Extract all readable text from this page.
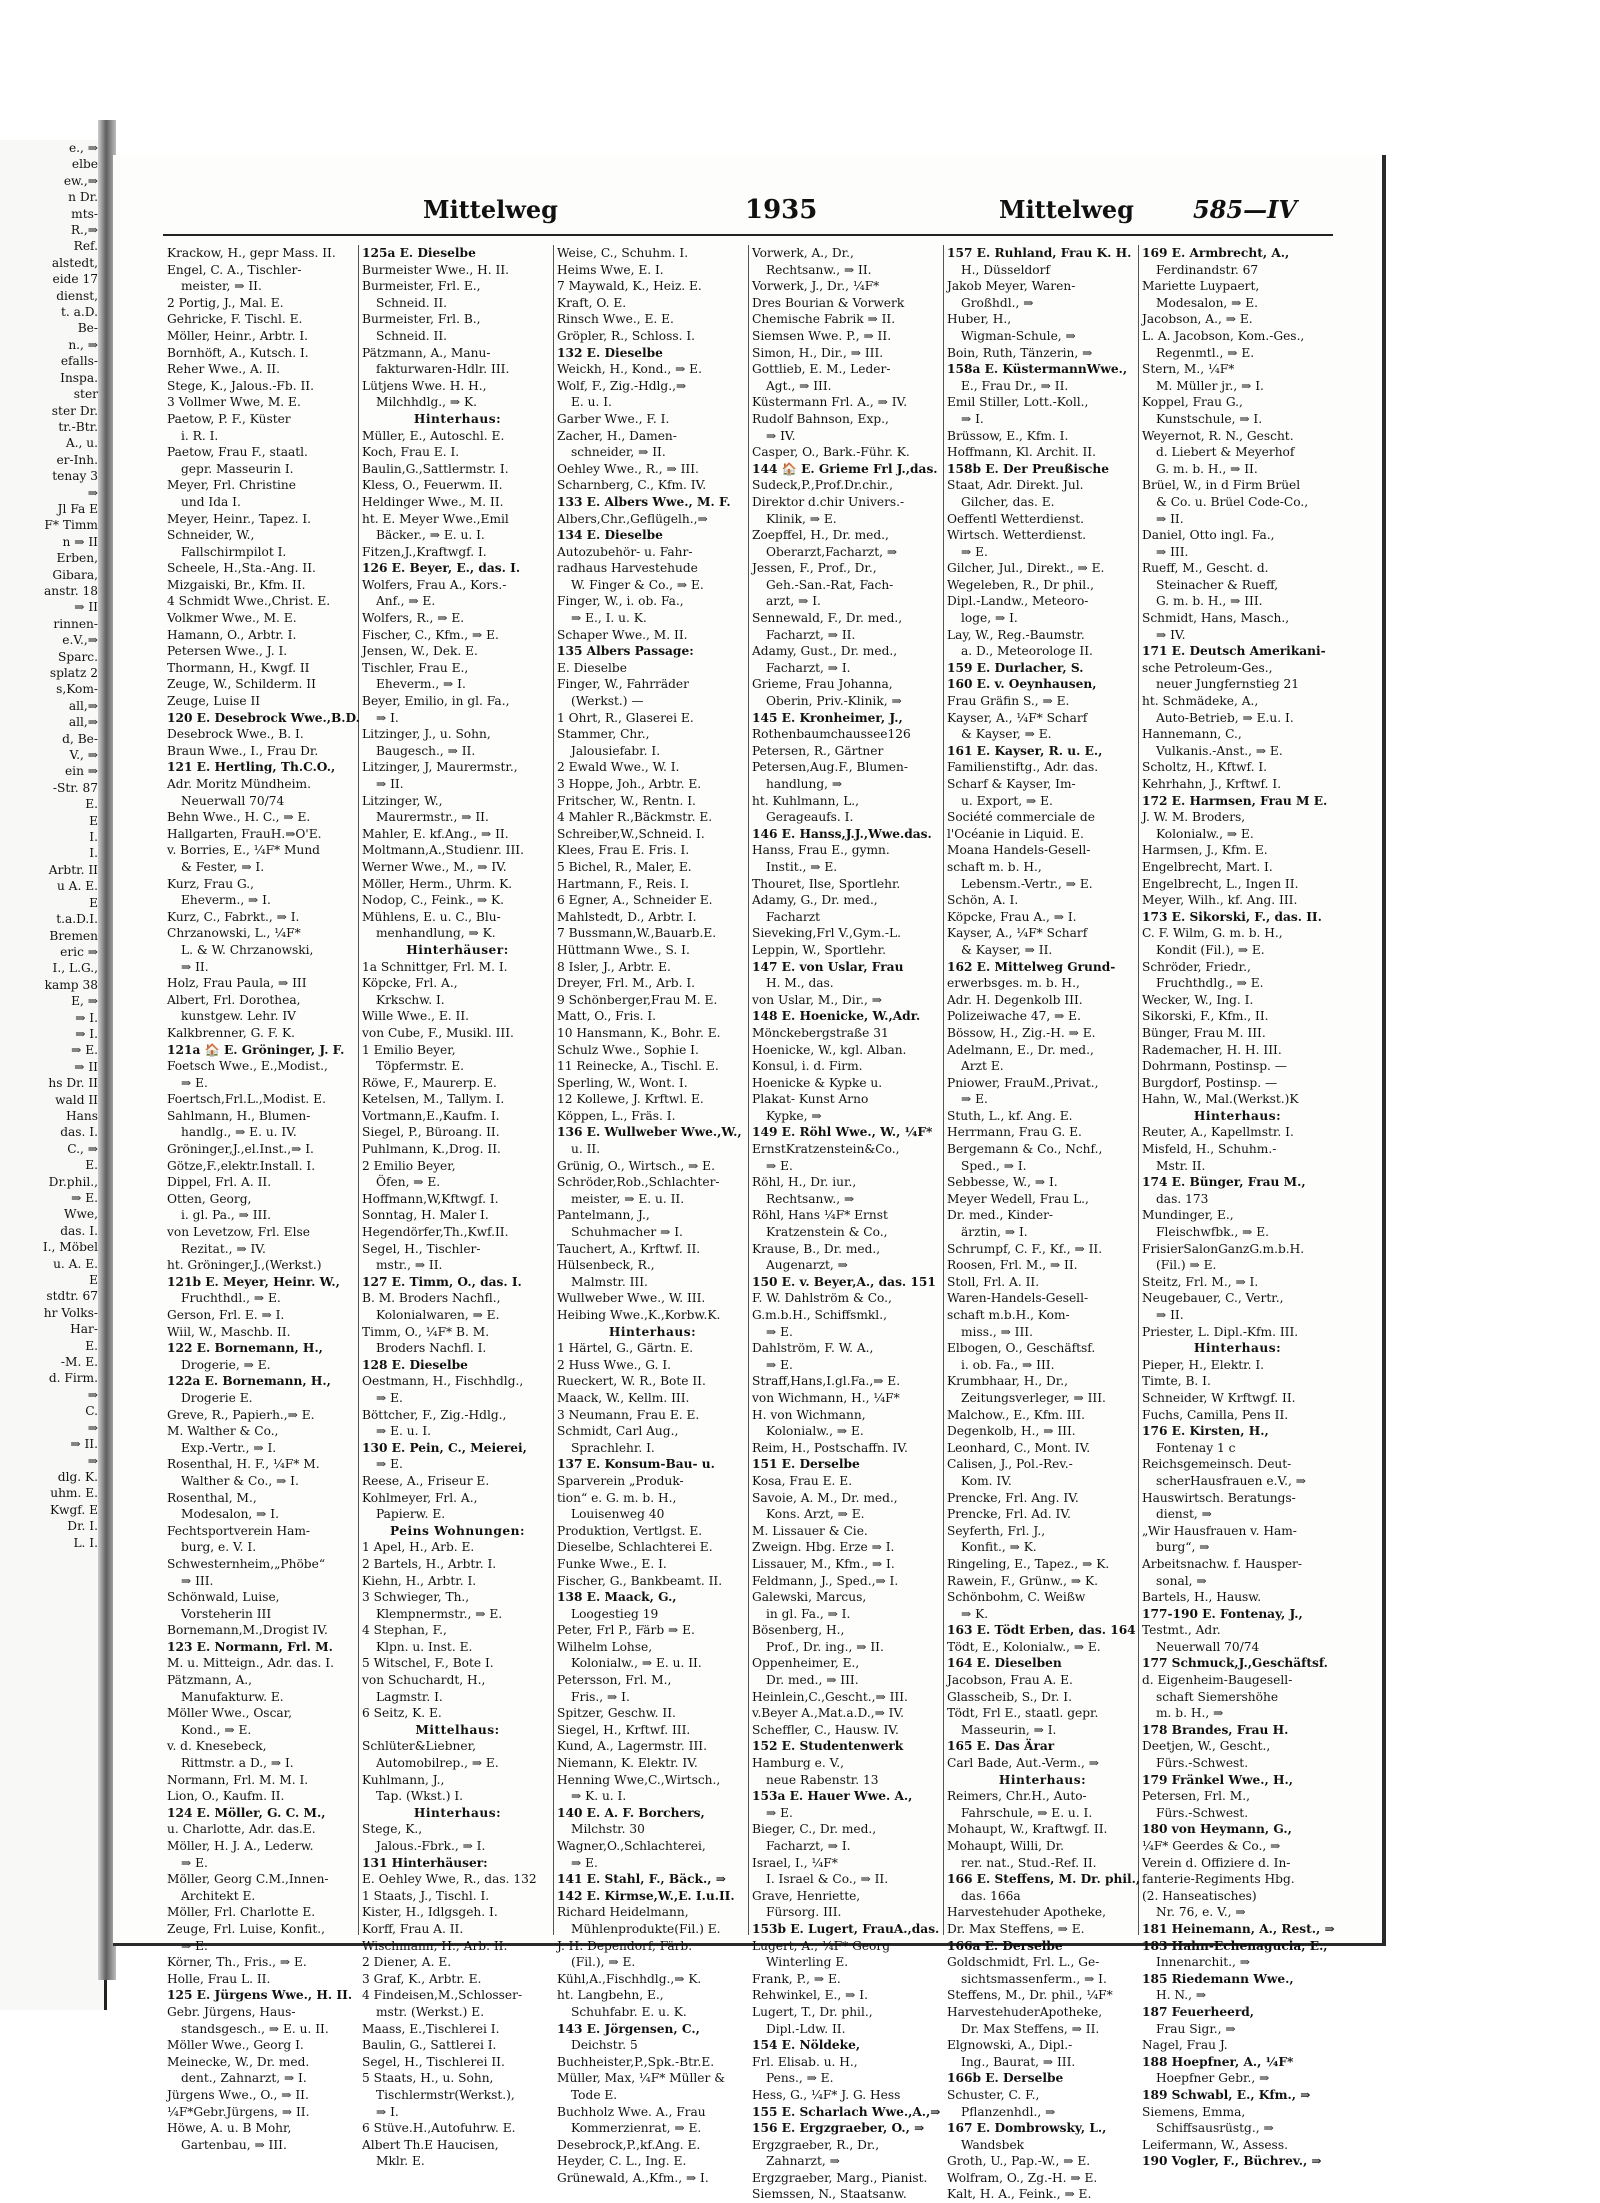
e., ⇒
elbe
ew.,⇒
n Dr.
mts-
R.,⇒
Ref.
alstedt,
eide 17
dienst,
t. a.D.
Be-
n., ⇒
efalls-
Inspa.
ster
ster Dr.
tr.-Btr.
A., u.
er-Inh.
tenay 3
⇒
Jl Fa E
F* Timm
n ⇒ II
Erben,
Gibara,
anstr. 18
⇒ II
rinnen-
e.V.,⇒
Sparc.
splatz 2
s,Kom-
all,⇒
all,⇒
d, Be-
V., ⇒
ein ⇒
-Str. 87
E.
E
I.
I.
Arbtr. II
u A. E.
E
t.a.D.I.
Bremen
eric ⇒
I., L.G.,
kamp 38
E, ⇒
⇒ I.
⇒ I.
⇒ E.
⇒ II
hs Dr. II
wald II
Hans
das. I.
C., ⇒
E.
Dr.phil.,
⇒ E.
Wwe,
das. I.
I., Möbel
u. A. E.
E
stdtr. 67
hr Volks-
Har-
E.
-M. E.
d. Firm.
⇒
C.
⇒
⇒ II.
⇒
dlg. K.
uhm. E.
Kwgf. E
Dr. I.
L. I.
Mittelweg	1935	Mittelweg 585—IV
Krackow, H., gepr Mass. II.
Engel, C. A., Tischler-
meister, ⇒ II.
2 Portig, J., Mal. E.
Gehricke, F. Tischl. E.
Möller, Heinr., Arbtr. I.
Bornhöft, A., Kutsch. I.
Reher Wwe., A. II.
Stege, K., Jalous.-Fb. II.
3 Vollmer Wwe, M. E.
Paetow, P. F., Küster
i. R. I.
Paetow, Frau F., staatl.
gepr. Masseurin I.
Meyer, Frl. Christine
und Ida I.
Meyer, Heinr., Tapez. I.
Schneider, W.,
Fallschirmpilot I.
Scheele, H.,Sta.-Ang. II.
Mizgaiski, Br., Kfm. II.
4 Schmidt Wwe.,Christ. E.
Volkmer Wwe., M. E.
Hamann, O., Arbtr. I.
Petersen Wwe., J. I.
Thormann, H., Kwgf. II
Zeuge, W., Schilderm. II
Zeuge, Luise II
120 E. Desebrock Wwe.,B.D.
Desebrock Wwe., B. I.
Braun Wwe., I., Frau Dr.
121 E. Hertling, Th.C.O.,
Adr. Moritz Mündheim.
Neuerwall 70/74
Behn Wwe., H. C., ⇒ E.
Hallgarten, FrauH.⇒O'E.
v. Borries, E., ¼F* Mund
& Fester, ⇒ I.
Kurz, Frau G.,
Eheverm., ⇒ I.
Kurz, C., Fabrkt., ⇒ I.
Chrzanowski, L., ¼F*
L. & W. Chrzanowski,
⇒ II.
Holz, Frau Paula, ⇒ III
Albert, Frl. Dorothea,
kunstgew. Lehr. IV
Kalkbrenner, G. F. K.
121a 🏠 E. Gröninger, J. F.
Foetsch Wwe., E.,Modist.,
⇒ E.
Foertsch,Frl.L.,Modist. E.
Sahlmann, H., Blumen-
handlg., ⇒ E. u. IV.
Gröninger,J.,el.Inst.,⇒ I.
Götze,F.,elektr.Install. I.
Dippel, Frl. A. II.
Otten, Georg,
i. gl. Pa., ⇒ III.
von Levetzow, Frl. Else
Rezitat., ⇒ IV.
ht. Gröninger,J.,(Werkst.)
121b E. Meyer, Heinr. W.,
Fruchthdl., ⇒ E.
Gerson, Frl. E. ⇒ I.
Wiil, W., Maschb. II.
122 E. Bornemann, H.,
Drogerie, ⇒ E.
122a E. Bornemann, H.,
Drogerie E.
Greve, R., Papierh.,⇒ E.
M. Walther & Co.,
Exp.-Vertr., ⇒ I.
Rosenthal, H. F., ¼F* M.
Walther & Co., ⇒ I.
Rosenthal, M.,
Modesalon, ⇒ I.
Fechtsportverein Ham-
burg, e. V. I.
Schwesternheim,„Phöbe“
⇒ III.
Schönwald, Luise,
Vorsteherin III
Bornemann,M.,Drogist IV.
123 E. Normann, Frl. M.
M. u. Mitteign., Adr. das. I.
Pätzmann, A.,
Manufakturw. E.
Möller Wwe., Oscar,
Kond., ⇒ E.
v. d. Knesebeck,
Rittmstr. a D., ⇒ I.
Normann, Frl. M. M. I.
Lion, O., Kaufm. II.
124 E. Möller, G. C. M.,
u. Charlotte, Adr. das.E.
Möller, H. J. A., Lederw.
⇒ E.
Möller, Georg C.M.,Innen-
Architekt E.
Möller, Frl. Charlotte E.
Zeuge, Frl. Luise, Konfit.,
⇒ E.
Körner, Th., Fris., ⇒ E.
Holle, Frau L. II.
125 E. Jürgens Wwe., H. II.
Gebr. Jürgens, Haus-
standsgesch., ⇒ E. u. II.
Möller Wwe., Georg I.
Meinecke, W., Dr. med.
dent., Zahnarzt, ⇒ I.
Jürgens Wwe., O., ⇒ II.
¼F*Gebr.Jürgens, ⇒ II.
Höwe, A. u. B Mohr,
Gartenbau, ⇒ III.
125a E. Dieselbe
Burmeister Wwe., H. II.
Burmeister, Frl. E.,
Schneid. II.
Burmeister, Frl. B.,
Schneid. II.
Pätzmann, A., Manu-
fakturwaren-Hdlr. III.
Lütjens Wwe. H. H.,
Milchhdlg., ⇒ K.
Hinterhaus:
Müller, E., Autoschl. E.
Koch, Frau E. I.
Baulin,G.,Sattlermstr. I.
Kless, O., Feuerwm. II.
Heldinger Wwe., M. II.
ht. E. Meyer Wwe.,Emil
Bäcker., ⇒ E. u. I.
Fitzen,J.,Kraftwgf. I.
126 E. Beyer, E., das. I.
Wolfers, Frau A., Kors.-
Anf., ⇒ E.
Wolfers, R., ⇒ E.
Fischer, C., Kfm., ⇒ E.
Jensen, W., Dek. E.
Tischler, Frau E.,
Eheverm., ⇒ I.
Beyer, Emilio, in gl. Fa.,
⇒ I.
Litzinger, J., u. Sohn,
Baugesch., ⇒ II.
Litzinger, J, Maurermstr.,
⇒ II.
Litzinger, W.,
Maurermstr., ⇒ II.
Mahler, E. kf.Ang., ⇒ II.
Moltmann,A.,Studienr. III.
Werner Wwe., M., ⇒ IV.
Möller, Herm., Uhrm. K.
Nodop, C., Feink., ⇒ K.
Mühlens, E. u. C., Blu-
menhandlung, ⇒ K.
Hinterhäuser:
1a Schnittger, Frl. M. I.
Köpcke, Frl. A.,
Krkschw. I.
Wille Wwe., E. II.
von Cube, F., Musikl. III.
1 Emilio Beyer,
Töpfermstr. E.
Röwe, F., Maurerp. E.
Ketelsen, M., Tallym. I.
Vortmann,E.,Kaufm. I.
Siegel, P., Büroang. II.
Puhlmann, K.,Drog. II.
2 Emilio Beyer,
Öfen, ⇒ E.
Hoffmann,W,Kftwgf. I.
Sonntag, H. Maler I.
Hegendörfer,Th.,Kwf.II.
Segel, H., Tischler-
mstr., ⇒ II.
127 E. Timm, O., das. I.
B. M. Broders Nachfl.,
Kolonialwaren, ⇒ E.
Timm, O., ¼F* B. M.
Broders Nachfl. I.
128 E. Dieselbe
Oestmann, H., Fischhdlg.,
⇒ E.
Böttcher, F., Zig.-Hdlg.,
⇒ E. u. I.
130 E. Pein, C., Meierei,
⇒ E.
Reese, A., Friseur E.
Kohlmeyer, Frl. A.,
Papierw. E.
Peins Wohnungen:
1 Apel, H., Arb. E.
2 Bartels, H., Arbtr. I.
Kiehn, H., Arbtr. I.
3 Schwieger, Th.,
Klempnermstr., ⇒ E.
4 Stephan, F.,
Klpn. u. Inst. E.
5 Witschel, F., Bote I.
von Schuchardt, H.,
Lagmstr. I.
6 Seitz, K. E.
Mittelhaus:
Schlüter&Liebner,
Automobilrep., ⇒ E.
Kuhlmann, J.,
Tap. (Wkst.) I.
Hinterhaus:
Stege, K.,
Jalous.-Fbrk., ⇒ I.
131 Hinterhäuser:
E. Oehley Wwe, R., das. 132
1 Staats, J., Tischl. I.
Kister, H., Idlgsgeh. I.
Korff, Frau A. II.
Wischmann, H., Arb. II.
2 Diener, A. E.
3 Graf, K., Arbtr. E.
4 Findeisen,M.,Schlosser-
mstr. (Werkst.) E.
Maass, E.,Tischlerei I.
Baulin, G., Sattlerei I.
Segel, H., Tischlerei II.
5 Staats, H., u. Sohn,
Tischlermstr(Werkst.),
⇒ I.
6 Stüve.H.,Autofuhrw. E.
Albert Th.E Haucisen,
Mklr. E.
Weise, C., Schuhm. I.
Heims Wwe, E. I.
7 Maywald, K., Heiz. E.
Kraft, O. E.
Rinsch Wwe., E. E.
Gröpler, R., Schloss. I.
132 E. Dieselbe
Weickh, H., Kond., ⇒ E.
Wolf, F., Zig.-Hdlg.,⇒
E. u. I.
Garber Wwe., F. I.
Zacher, H., Damen-
schneider, ⇒ II.
Oehley Wwe., R., ⇒ III.
Scharnberg, C., Kfm. IV.
133 E. Albers Wwe., M. F.
Albers,Chr.,Geflügelh.,⇒
134 E. Dieselbe
Autozubehör- u. Fahr-
radhaus Harvestehude
W. Finger & Co., ⇒ E.
Finger, W., i. ob. Fa.,
⇒ E., I. u. K.
Schaper Wwe., M. II.
135 Albers Passage:
E. Dieselbe
Finger, W., Fahrräder
(Werkst.) —
1 Ohrt, R., Glaserei E.
Stammer, Chr.,
Jalousiefabr. I.
2 Ewald Wwe., W. I.
3 Hoppe, Joh., Arbtr. E.
Fritscher, W., Rentn. I.
4 Mahler R.,Bäckmstr. E.
Schreiber,W.,Schneid. I.
Klees, Frau E. Fris. I.
5 Bichel, R., Maler, E.
Hartmann, F., Reis. I.
6 Egner, A., Schneider E.
Mahlstedt, D., Arbtr. I.
7 Bussmann,W.,Bauarb.E.
Hüttmann Wwe., S. I.
8 Isler, J., Arbtr. E.
Dreyer, Frl. M., Arb. I.
9 Schönberger,Frau M. E.
Matt, O., Fris. I.
10 Hansmann, K., Bohr. E.
Schulz Wwe., Sophie I.
11 Reinecke, A., Tischl. E.
Sperling, W., Wont. I.
12 Kollewe, J. Krftwl. E.
Köppen, L., Fräs. I.
136 E. Wullweber Wwe.,W.,
u. II.
Grünig, O., Wirtsch., ⇒ E.
Schröder,Rob.,Schlachter-
meister, ⇒ E. u. II.
Pantelmann, J.,
Schuhmacher ⇒ I.
Tauchert, A., Krftwf. II.
Hülsenbeck, R.,
Malmstr. III.
Wullweber Wwe., W. III.
Heibing Wwe.,K.,Korbw.K.
Hinterhaus:
1 Härtel, G., Gärtn. E.
2 Huss Wwe., G. I.
Rueckert, W. R., Bote II.
Maack, W., Kellm. III.
3 Neumann, Frau E. E.
Schmidt, Carl Aug.,
Sprachlehr. I.
137 E. Konsum-Bau- u.
Sparverein „Produk-
tion“ e. G. m. b. H.,
Louisenweg 40
Produktion, Vertlgst. E.
Dieselbe, Schlachterei E.
Funke Wwe., E. I.
Fischer, G., Bankbeamt. II.
138 E. Maack, G.,
Loogestieg 19
Peter, Frl P., Färb ⇒ E.
Wilhelm Lohse,
Kolonialw., ⇒ E. u. II.
Petersson, Frl. M.,
Fris., ⇒ I.
Spitzer, Geschw. II.
Siegel, H., Krftwf. III.
Kund, A., Lagermstr. III.
Niemann, K. Elektr. IV.
Henning Wwe,C.,Wirtsch.,
⇒ K. u. I.
140 E. A. F. Borchers,
Milchstr. 30
Wagner,O.,Schlachterei,
⇒ E.
141 E. Stahl, F., Bäck., ⇒
142 E. Kirmse,W.,E. I.u.II.
Richard Heidelmann,
Mühlenprodukte(Fil.) E.
J. H. Dependorf, Färb.
(Fil.), ⇒ E.
Kühl,A.,Fischhdlg.,⇒ K.
ht. Langbehn, E.,
Schuhfabr. E. u. K.
143 E. Jörgensen, C.,
Deichstr. 5
Buchheister,P.,Spk.-Btr.E.
Müller, Max, ¼F* Müller &
Tode E.
Buchholz Wwe. A., Frau
Kommerzienrat, ⇒ E.
Desebrock,P.,kf.Ang. E.
Heyder, C. L., Ing. E.
Grünewald, A.,Kfm., ⇒ I.
Vorwerk, A., Dr.,
Rechtsanw., ⇒ II.
Vorwerk, J., Dr., ¼F*
Dres Bourian & Vorwerk
Chemische Fabrik ⇒ II.
Siemsen Wwe. P., ⇒ II.
Simon, H., Dir., ⇒ III.
Gottlieb, E. M., Leder-
Agt., ⇒ III.
Küstermann Frl. A., ⇒ IV.
Rudolf Bahnson, Exp.,
⇒ IV.
Casper, O., Bark.-Führ. K.
144 🏠 E. Grieme Frl J.,das.
Sudeck,P.,Prof.Dr.chir.,
Direktor d.chir Univers.-
Klinik, ⇒ E.
Zoepffel, H., Dr. med.,
Oberarzt,Facharzt, ⇒
Jessen, F., Prof., Dr.,
Geh.-San.-Rat, Fach-
arzt, ⇒ I.
Sennewald, F., Dr. med.,
Facharzt, ⇒ II.
Adamy, Gust., Dr. med.,
Facharzt, ⇒ I.
Grieme, Frau Johanna,
Oberin, Priv.-Klinik, ⇒
145 E. Kronheimer, J.,
Rothenbaumchaussee126
Petersen, R., Gärtner
Petersen,Aug.F., Blumen-
handlung, ⇒
ht. Kuhlmann, L.,
Gerageaufs. I.
146 E. Hanss,J.J.,Wwe.das.
Hanss, Frau E., gymn.
Instit., ⇒ E.
Thouret, Ilse, Sportlehr.
Adamy, G., Dr. med.,
Facharzt
Sieveking,Frl V.,Gym.-L.
Leppin, W., Sportlehr.
147 E. von Uslar, Frau
H. M., das.
von Uslar, M., Dir., ⇒
148 E. Hoenicke, W.,Adr.
Mönckebergstraße 31
Hoenicke, W., kgl. Alban.
Konsul, i. d. Firm.
Hoenicke & Kypke u.
Plakat- Kunst Arno
Kypke, ⇒
149 E. Röhl Wwe., W., ¼F*
ErnstKratzenstein&Co.,
⇒ E.
Röhl, H., Dr. iur.,
Rechtsanw., ⇒
Röhl, Hans ¼F* Ernst
Kratzenstein & Co.,
Krause, B., Dr. med.,
Augenarzt, ⇒
150 E. v. Beyer,A., das. 151
F. W. Dahlström & Co.,
G.m.b.H., Schiffsmkl.,
⇒ E.
Dahlström, F. W. A.,
⇒ E.
Straff,Hans,I.gl.Fa.,⇒ E.
von Wichmann, H., ¼F*
H. von Wichmann,
Kolonialw., ⇒ E.
Reim, H., Postschaffn. IV.
151 E. Derselbe
Kosa, Frau E. E.
Savoie, A. M., Dr. med.,
Kons. Arzt, ⇒ E.
M. Lissauer & Cie.
Zweign. Hbg. Erze ⇒ I.
Lissauer, M., Kfm., ⇒ I.
Feldmann, J., Sped.,⇒ I.
Galewski, Marcus,
in gl. Fa., ⇒ I.
Bösenberg, H.,
Prof., Dr. ing., ⇒ II.
Oppenheimer, E.,
Dr. med., ⇒ III.
Heinlein,C.,Gescht.,⇒ III.
v.Beyer A.,Mat.a.D.,⇒ IV.
Scheffler, C., Hausw. IV.
152 E. Studentenwerk
Hamburg e. V.,
neue Rabenstr. 13
153a E. Hauer Wwe. A.,
⇒ E.
Bieger, C., Dr. med.,
Facharzt, ⇒ I.
Israel, I., ¼F*
I. Israel & Co., ⇒ II.
Grave, Henriette,
Fürsorg. III.
153b E. Lugert, FrauA.,das.
Lugert, A., ¼F* Georg
Winterling E.
Frank, P., ⇒ E.
Rehwinkel, E., ⇒ I.
Lugert, T., Dr. phil.,
Dipl.-Ldw. II.
154 E. Nöldeke,
Frl. Elisab. u. H.,
Pens., ⇒ E.
Hess, G., ¼F* J. G. Hess
155 E. Scharlach Wwe.,A.,⇒
156 E. Ergzgraeber, O., ⇒
Ergzgraeber, R., Dr.,
Zahnarzt, ⇒
Ergzgraeber, Marg., Pianist.
Siemssen, N., Staatsanw.
157 E. Ruhland, Frau K. H.
H., Düsseldorf
Jakob Meyer, Waren-
Großhdl., ⇒
Huber, H.,
Wigman-Schule, ⇒
Boin, Ruth, Tänzerin, ⇒
158a E. KüstermannWwe.,
E., Frau Dr., ⇒ II.
Emil Stiller, Lott.-Koll.,
⇒ I.
Brüssow, E., Kfm. I.
Hoffmann, Kl. Archit. II.
158b E. Der Preußische
Staat, Adr. Direkt. Jul.
Gilcher, das. E.
Oeffentl Wetterdienst.
Wirtsch. Wetterdienst.
⇒ E.
Gilcher, Jul., Direkt., ⇒ E.
Wegeleben, R., Dr phil.,
Dipl.-Landw., Meteoro-
loge, ⇒ I.
Lay, W., Reg.-Baumstr.
a. D., Meteorologe II.
159 E. Durlacher, S.
160 E. v. Oeynhausen,
Frau Gräfin S., ⇒ E.
Kayser, A., ¼F* Scharf
& Kayser, ⇒ E.
161 E. Kayser, R. u. E.,
Familienstiftg., Adr. das.
Scharf & Kayser, Im-
u. Export, ⇒ E.
Société commerciale de
l'Océanie in Liquid. E.
Moana Handels-Gesell-
schaft m. b. H.,
Lebensm.-Vertr., ⇒ E.
Schön, A. I.
Köpcke, Frau A., ⇒ I.
Kayser, A., ¼F* Scharf
& Kayser, ⇒ II.
162 E. Mittelweg Grund-
erwerbsges. m. b. H.,
Adr. H. Degenkolb III.
Polizeiwache 47, ⇒ E.
Bössow, H., Zig.-H. ⇒ E.
Adelmann, E., Dr. med.,
Arzt E.
Pniower, FrauM.,Privat.,
⇒ E.
Stuth, L., kf. Ang. E.
Herrmann, Frau G. E.
Bergemann & Co., Nchf.,
Sped., ⇒ I.
Sebbesse, W., ⇒ I.
Meyer Wedell, Frau L.,
Dr. med., Kinder-
ärztin, ⇒ I.
Schrumpf, C. F., Kf., ⇒ II.
Roosen, Frl. M., ⇒ II.
Stoll, Frl. A. II.
Waren-Handels-Gesell-
schaft m.b.H., Kom-
miss., ⇒ III.
Elbogen, O., Geschäftsf.
i. ob. Fa., ⇒ III.
Krumbhaar, H., Dr.,
Zeitungsverleger, ⇒ III.
Malchow., E., Kfm. III.
Degenkolb, H., ⇒ III.
Leonhard, C., Mont. IV.
Calisen, J., Pol.-Rev.-
Kom. IV.
Prencke, Frl. Ang. IV.
Prencke, Frl. Ad. IV.
Seyferth, Frl. J.,
Konfit., ⇒ K.
Ringeling, E., Tapez., ⇒ K.
Rawein, F., Grünw., ⇒ K.
Schönbohm, C. Weißw
⇒ K.
163 E. Tödt Erben, das. 164
Tödt, E., Kolonialw., ⇒ E.
164 E. Dieselben
Jacobson, Frau A. E.
Glasscheib, S., Dr. I.
Tödt, Frl E., staatl. gepr.
Masseurin, ⇒ I.
165 E. Das Ärar
Carl Bade, Aut.-Verm., ⇒
Hinterhaus:
Reimers, Chr.H., Auto-
Fahrschule, ⇒ E. u. I.
Mohaupt, W., Kraftwgf. II.
Mohaupt, Willi, Dr.
rer. nat., Stud.-Ref. II.
166 E. Steffens, M. Dr. phil.,
das. 166a
Harvestehuder Apotheke,
Dr. Max Steffens, ⇒ E.
166a E. Derselbe
Goldschmidt, Frl. L., Ge-
sichtsmassenferm., ⇒ I.
Steffens, M., Dr. phil., ¼F*
HarvestehuderApotheke,
Dr. Max Steffens, ⇒ II.
Elgnowski, A., Dipl.-
Ing., Baurat, ⇒ III.
166b E. Derselbe
Schuster, C. F.,
Pflanzenhdl., ⇒
167 E. Dombrowsky, L.,
Wandsbek
Groth, U., Pap.-W., ⇒ E.
Wolfram, O., Zg.-H. ⇒ E.
Kalt, H. A., Feink., ⇒ E.
169 E. Armbrecht, A.,
Ferdinandstr. 67
Mariette Luypaert,
Modesalon, ⇒ E.
Jacobson, A., ⇒ E.
L. A. Jacobson, Kom.-Ges.,
Regenmtl., ⇒ E.
Stern, M., ¼F*
M. Müller jr., ⇒ I.
Koppel, Frau G.,
Kunstschule, ⇒ I.
Weyernot, R. N., Gescht.
d. Liebert & Meyerhof
G. m. b. H., ⇒ II.
Brüel, W., in d Firm Brüel
& Co. u. Brüel Code-Co.,
⇒ II.
Daniel, Otto ingl. Fa.,
⇒ III.
Rueff, M., Gescht. d.
Steinacher & Rueff,
G. m. b. H., ⇒ III.
Schmidt, Hans, Masch.,
⇒ IV.
171 E. Deutsch Amerikani-
sche Petroleum-Ges.,
neuer Jungfernstieg 21
ht. Schmädeke, A.,
Auto-Betrieb, ⇒ E.u. I.
Hannemann, C.,
Vulkanis.-Anst., ⇒ E.
Scholtz, H., Kftwf. I.
Kehrhahn, J., Krftwf. I.
172 E. Harmsen, Frau M E.
J. W. M. Broders,
Kolonialw., ⇒ E.
Harmsen, J., Kfm. E.
Engelbrecht, Mart. I.
Engelbrecht, L., Ingen II.
Meyer, Wilh., kf. Ang. III.
173 E. Sikorski, F., das. II.
C. F. Wilm, G. m. b. H.,
Kondit (Fil.), ⇒ E.
Schröder, Friedr.,
Fruchthdlg., ⇒ E.
Wecker, W., Ing. I.
Sikorski, F., Kfm., II.
Bünger, Frau M. III.
Rademacher, H. H. III.
Dohrmann, Postinsp. —
Burgdorf, Postinsp. —
Hahn, W., Mal.(Werkst.)K
Hinterhaus:
Reuter, A., Kapellmstr. I.
Misfeld, H., Schuhm.-
Mstr. II.
174 E. Bünger, Frau M.,
das. 173
Mundinger, E.,
Fleischwfbk., ⇒ E.
FrisierSalonGanzG.m.b.H.
(Fil.) ⇒ E.
Steitz, Frl. M., ⇒ I.
Neugebauer, C., Vertr.,
⇒ II.
Priester, L. Dipl.-Kfm. III.
Hinterhaus:
Pieper, H., Elektr. I.
Timte, B. I.
Schneider, W Krftwgf. II.
Fuchs, Camilla, Pens II.
176 E. Kirsten, H.,
Fontenay 1 c
Reichsgemeinsch. Deut-
scherHausfrauen e.V., ⇒
Hauswirtsch. Beratungs-
dienst, ⇒
„Wir Hausfrauen v. Ham-
burg“, ⇒
Arbeitsnachw. f. Hausper-
sonal, ⇒
Bartels, H., Hausw.
177-190 E. Fontenay, J.,
Testmt., Adr.
Neuerwall 70/74
177 Schmuck,J.,Geschäftsf.
d. Eigenheim-Baugesell-
schaft Siemershöhe
m. b. H., ⇒
178 Brandes, Frau H.
Deetjen, W., Gescht.,
Fürs.-Schwest.
179 Fränkel Wwe., H.,
Petersen, Frl. M.,
Fürs.-Schwest.
180 von Heymann, G.,
¼F* Geerdes & Co., ⇒
Verein d. Offiziere d. In-
fanterie-Regiments Hbg.
(2. Hanseatisches)
Nr. 76, e. V., ⇒
181 Heinemann, A., Rest., ⇒
183 Hahn-Echenagucia, E.,
Innenarchit., ⇒
185 Riedemann Wwe.,
H. N., ⇒
187 Feuerheerd,
Frau Sigr., ⇒
Nagel, Frau J.
188 Hoepfner, A., ¼F*
Hoepfner Gebr., ⇒
189 Schwabl, E., Kfm., ⇒
Siemens, Emma,
Schiffsausrüstg., ⇒
Leifermann, W., Assess.
190 Vogler, F., Büchrev., ⇒
